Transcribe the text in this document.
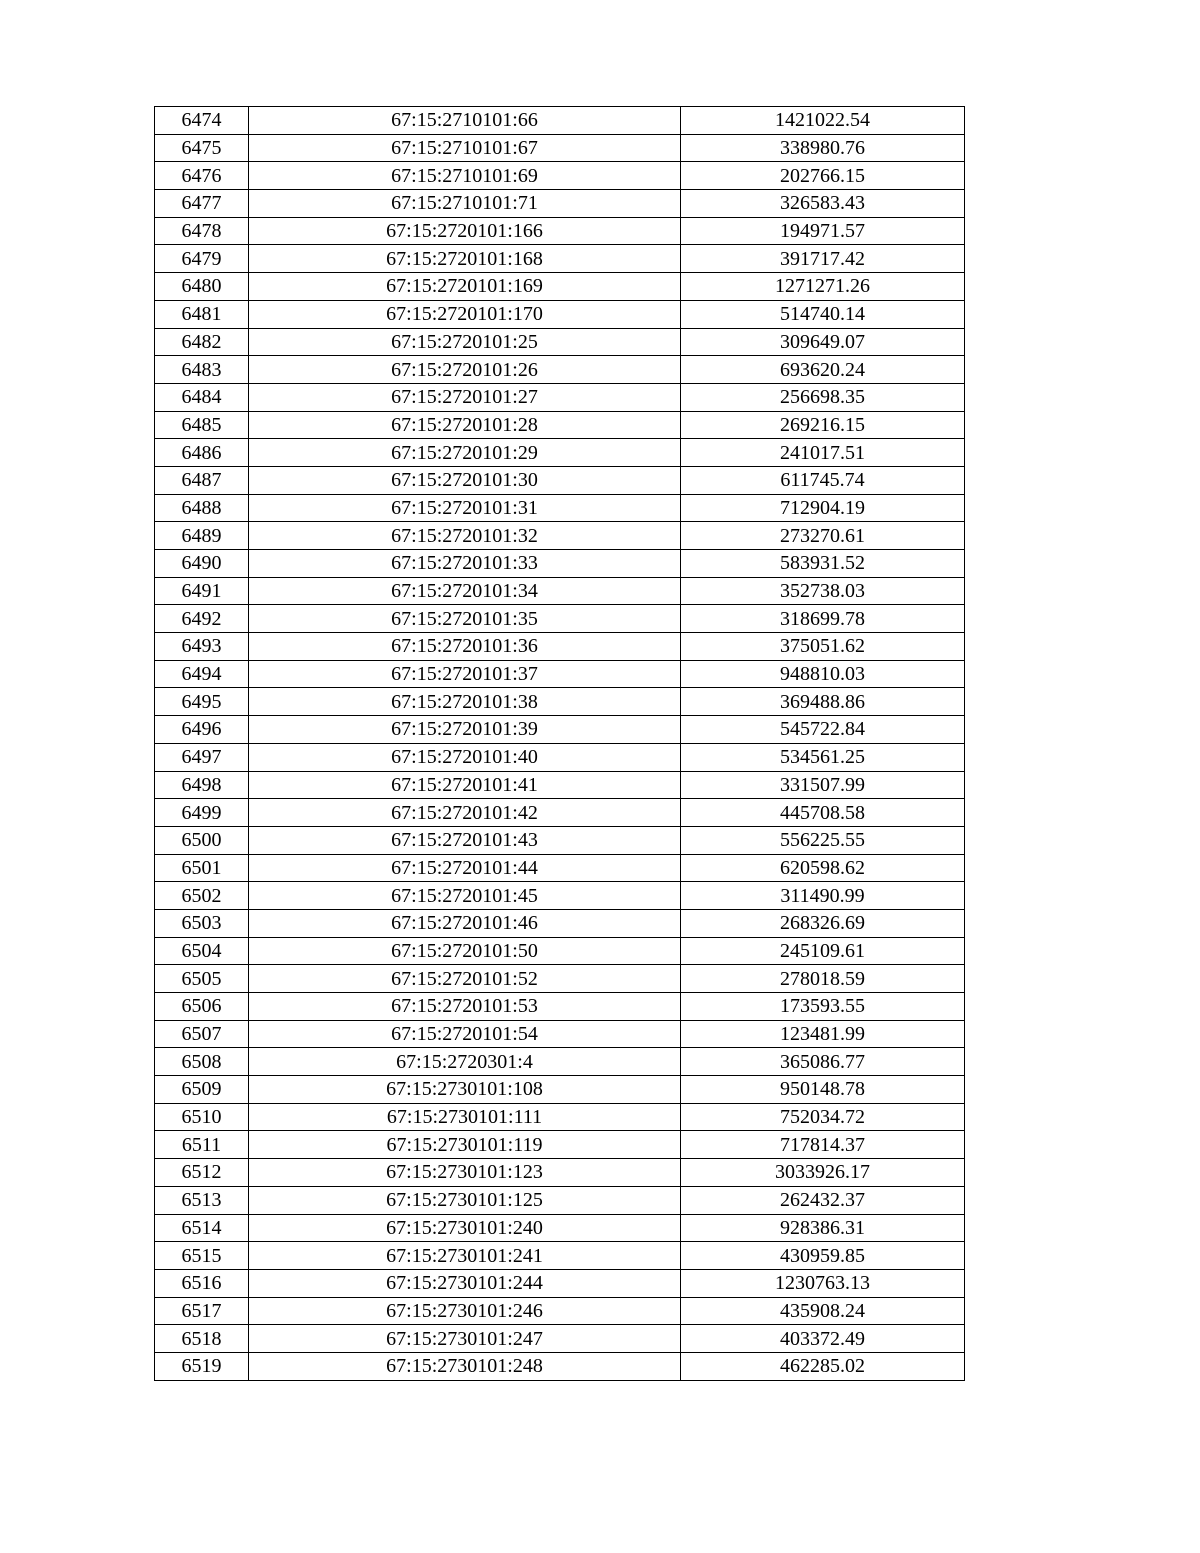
6474	67:15:2710101:66	1421022.54
6475	67:15:2710101:67	338980.76
6476	67:15:2710101:69	202766.15
6477	67:15:2710101:71	326583.43
6478	67:15:2720101:166	194971.57
6479	67:15:2720101:168	391717.42
6480	67:15:2720101:169	1271271.26
6481	67:15:2720101:170	514740.14
6482	67:15:2720101:25	309649.07
6483	67:15:2720101:26	693620.24
6484	67:15:2720101:27	256698.35
6485	67:15:2720101:28	269216.15
6486	67:15:2720101:29	241017.51
6487	67:15:2720101:30	611745.74
6488	67:15:2720101:31	712904.19
6489	67:15:2720101:32	273270.61
6490	67:15:2720101:33	583931.52
6491	67:15:2720101:34	352738.03
6492	67:15:2720101:35	318699.78
6493	67:15:2720101:36	375051.62
6494	67:15:2720101:37	948810.03
6495	67:15:2720101:38	369488.86
6496	67:15:2720101:39	545722.84
6497	67:15:2720101:40	534561.25
6498	67:15:2720101:41	331507.99
6499	67:15:2720101:42	445708.58
6500	67:15:2720101:43	556225.55
6501	67:15:2720101:44	620598.62
6502	67:15:2720101:45	311490.99
6503	67:15:2720101:46	268326.69
6504	67:15:2720101:50	245109.61
6505	67:15:2720101:52	278018.59
6506	67:15:2720101:53	173593.55
6507	67:15:2720101:54	123481.99
6508	67:15:2720301:4	365086.77
6509	67:15:2730101:108	950148.78
6510	67:15:2730101:111	752034.72
6511	67:15:2730101:119	717814.37
6512	67:15:2730101:123	3033926.17
6513	67:15:2730101:125	262432.37
6514	67:15:2730101:240	928386.31
6515	67:15:2730101:241	430959.85
6516	67:15:2730101:244	1230763.13
6517	67:15:2730101:246	435908.24
6518	67:15:2730101:247	403372.49
6519	67:15:2730101:248	462285.02
